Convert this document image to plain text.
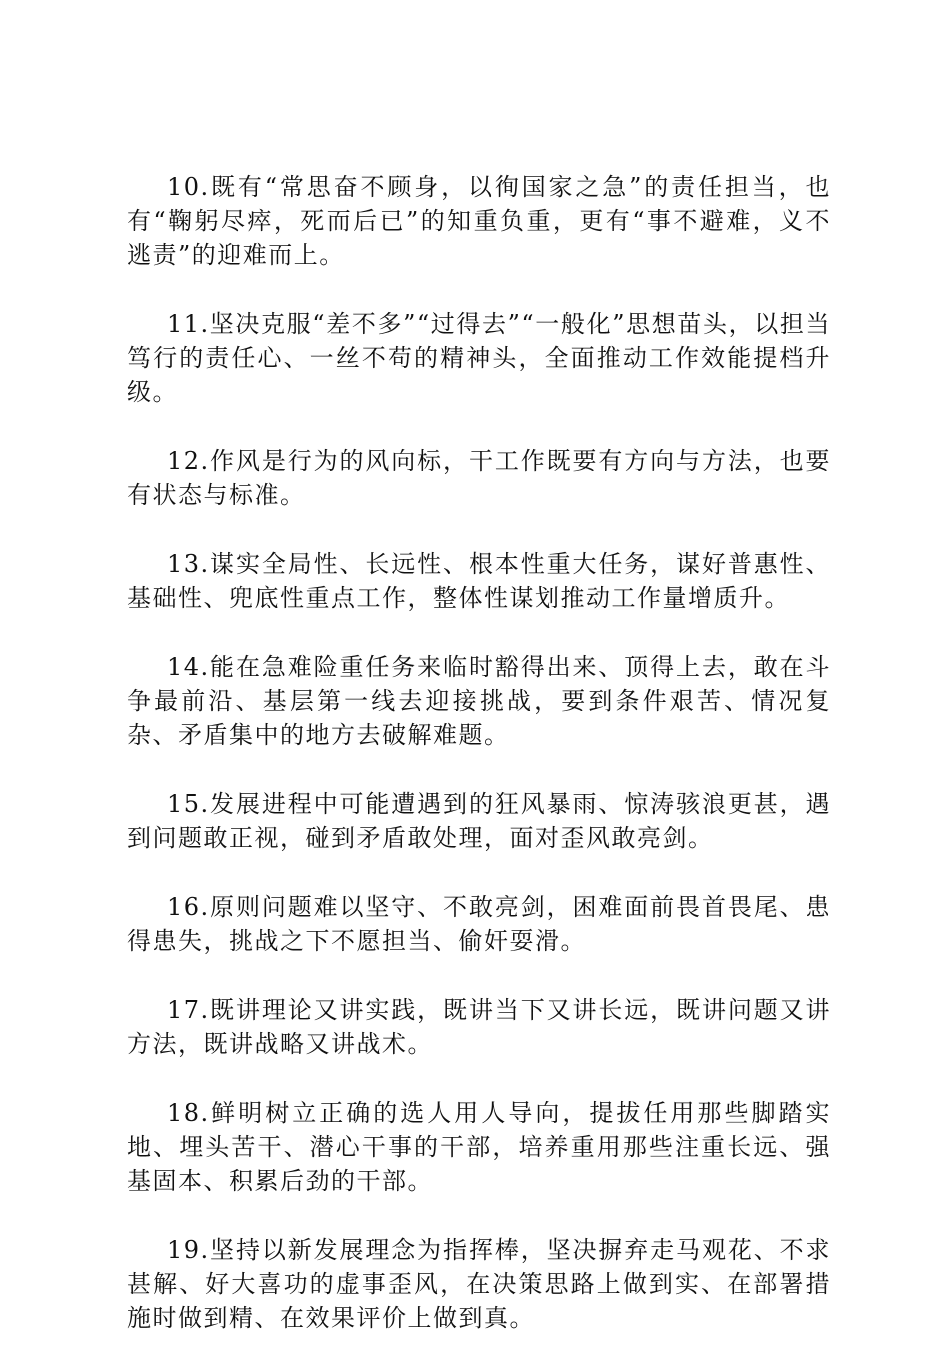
10.既有“常思奋不顾身，以徇国家之急”的责任担当，也有“鞠躬尽瘁，死而后已”的知重负重，更有“事不避难，义不逃责”的迎难而上。

11.坚决克服“差不多”“过得去”“一般化”思想苗头，以担当笃行的责任心、一丝不苟的精神头，全面推动工作效能提档升级。

12.作风是行为的风向标，干工作既要有方向与方法，也要有状态与标准。

13.谋实全局性、长远性、根本性重大任务，谋好普惠性、基础性、兜底性重点工作，整体性谋划推动工作量增质升。

14.能在急难险重任务来临时豁得出来、顶得上去，敢在斗争最前沿、基层第一线去迎接挑战，要到条件艰苦、情况复杂、矛盾集中的地方去破解难题。

15.发展进程中可能遭遇到的狂风暴雨、惊涛骇浪更甚，遇到问题敢正视，碰到矛盾敢处理，面对歪风敢亮剑。

16.原则问题难以坚守、不敢亮剑，困难面前畏首畏尾、患得患失，挑战之下不愿担当、偷奸耍滑。

17.既讲理论又讲实践，既讲当下又讲长远，既讲问题又讲方法，既讲战略又讲战术。

18.鲜明树立正确的选人用人导向，提拔任用那些脚踏实地、埋头苦干、潜心干事的干部，培养重用那些注重长远、强基固本、积累后劲的干部。

19.坚持以新发展理念为指挥棒，坚决摒弃走马观花、不求甚解、好大喜功的虚事歪风，在决策思路上做到实、在部署措施时做到精、在效果评价上做到真。
